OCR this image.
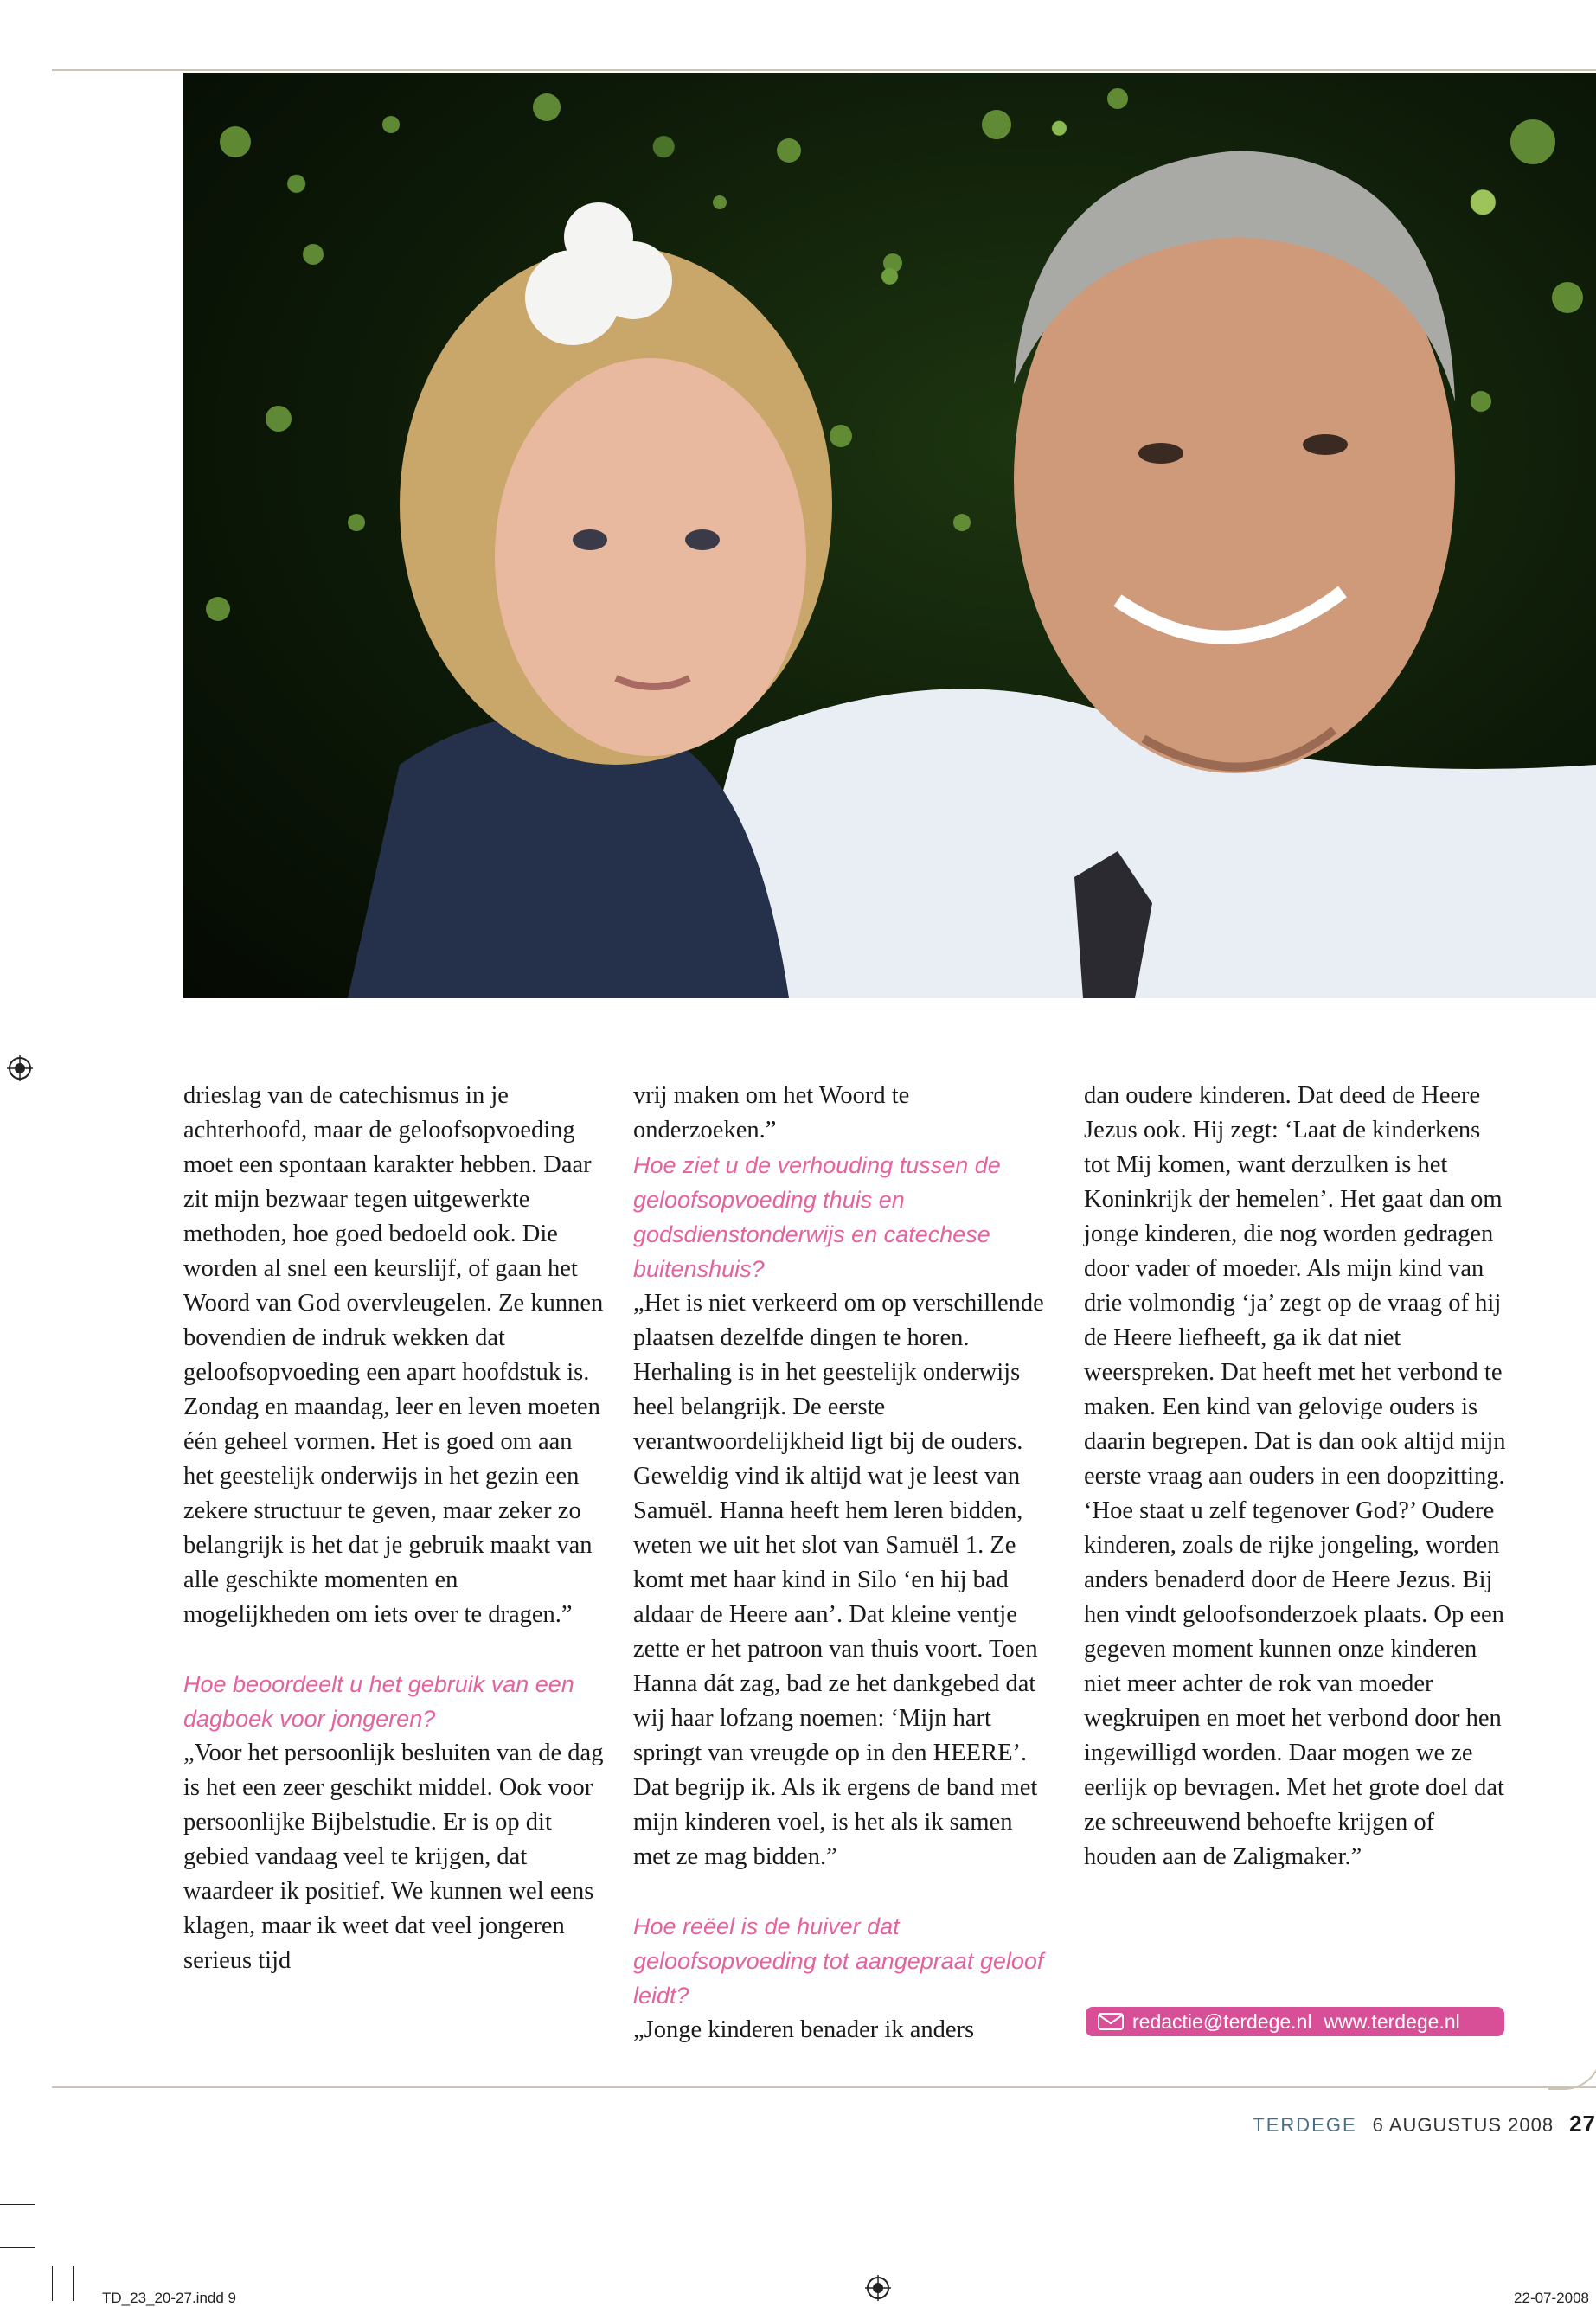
drieslag van de catechismus in je achterhoofd, maar de geloofsopvoeding moet een spontaan karakter hebben. Daar zit mijn bezwaar tegen uitgewerkte methoden, hoe goed bedoeld ook. Die worden al snel een keurslijf, of gaan het Woord van God overvleugelen. Ze kunnen bovendien de indruk wekken dat geloofsopvoeding een apart hoofdstuk is. Zondag en maandag, leer en leven moeten één geheel vormen. Het is goed om aan het geestelijk onderwijs in het gezin een zekere structuur te geven, maar zeker zo belangrijk is het dat je gebruik maakt van alle geschikte momenten en mogelijkheden om iets over te dragen.”

Hoe beoordeelt u het gebruik van een dagboek voor jongeren?

„Voor het persoonlijk besluiten van de dag is het een zeer geschikt middel. Ook voor persoonlijke Bijbelstudie. Er is op dit gebied vandaag veel te krijgen, dat waardeer ik positief. We kunnen wel eens klagen, maar ik weet dat veel jongeren serieus tijd

vrij maken om het Woord te onderzoeken.”

Hoe ziet u de verhouding tussen de geloofsopvoeding thuis en godsdienstonderwijs en catechese buitenshuis?

„Het is niet verkeerd om op verschillende plaatsen dezelfde dingen te horen. Herhaling is in het geestelijk onderwijs heel belangrijk. De eerste verantwoordelijkheid ligt bij de ouders. Geweldig vind ik altijd wat je leest van Samuël. Hanna heeft hem leren bidden, weten we uit het slot van Samuël 1. Ze komt met haar kind in Silo ‘en hij bad aldaar de Heere aan’. Dat kleine ventje zette er het patroon van thuis voort. Toen Hanna dát zag, bad ze het dankgebed dat wij haar lofzang noemen: ‘Mijn hart springt van vreugde op in den HEERE’. Dat begrijp ik. Als ik ergens de band met mijn kinderen voel, is het als ik samen met ze mag bidden.”

Hoe reëel is de huiver dat geloofsopvoeding tot aangepraat geloof leidt?

„Jonge kinderen benader ik anders

dan oudere kinderen. Dat deed de Heere Jezus ook. Hij zegt: ‘Laat de kinderkens tot Mij komen, want derzulken is het Koninkrijk der hemelen’. Het gaat dan om jonge kinderen, die nog worden gedragen door vader of moeder. Als mijn kind van drie volmondig ‘ja’ zegt op de vraag of hij de Heere liefheeft, ga ik dat niet weerspreken. Dat heeft met het verbond te maken. Een kind van gelovige ouders is daarin begrepen. Dat is dan ook altijd mijn eerste vraag aan ouders in een doopzitting. ‘Hoe staat u zelf tegenover God?’ Oudere kinderen, zoals de rijke jongeling, worden anders benaderd door de Heere Jezus. Bij hen vindt geloofsonderzoek plaats. Op een gegeven moment kunnen onze kinderen niet meer achter de rok van moeder wegkruipen en moet het verbond door hen ingewilligd worden. Daar mogen we ze eerlijk op bevragen. Met het grote doel dat ze schreeuwend behoefte krijgen of houden aan de Zaligmaker.”

redactie@terdege.nl www.terdege.nl
TERDEGE 6 AUGUSTUS 2008 27
TD_23_20-27.indd 9	22-07-2008
